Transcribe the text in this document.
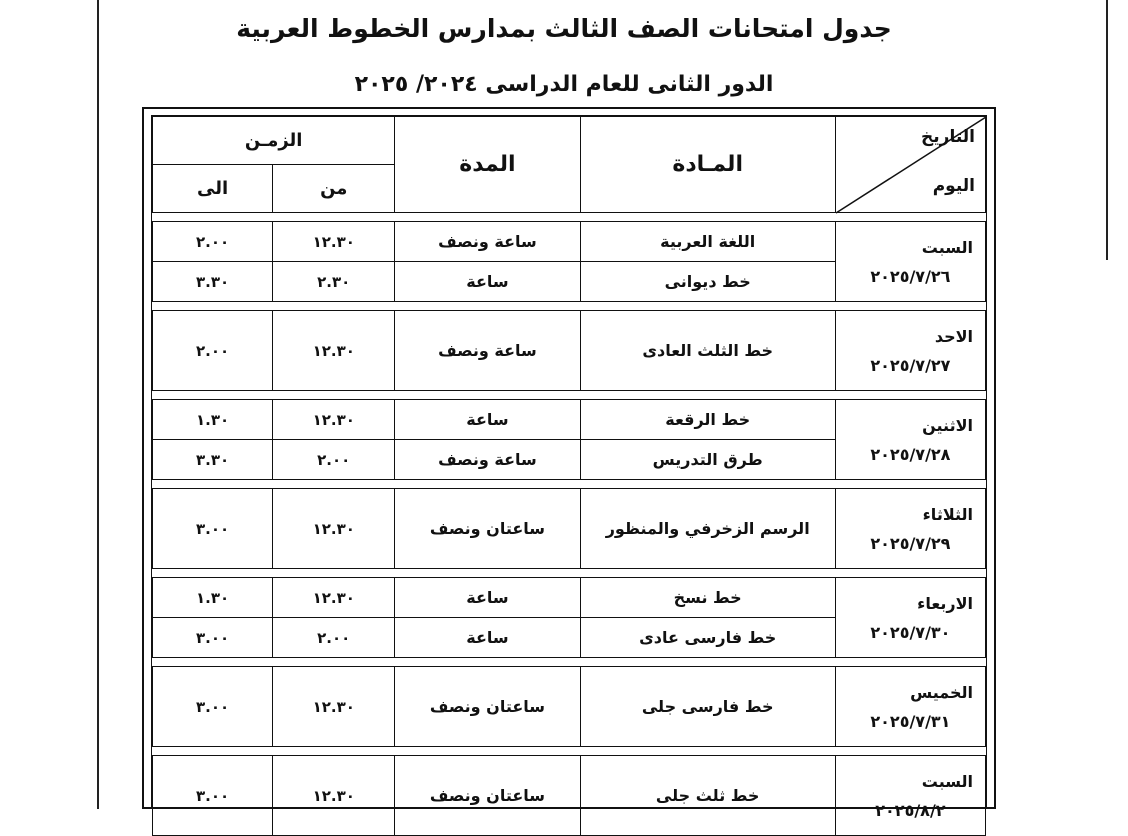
جدول امتحانات الصف الثالث بمدارس الخطوط العربية
الدور الثانى للعام الدراسى ٢٠٢٤/ ٢٠٢٥
التاريخ
اليوم	المـادة	المدة	الزمـن	
			من	الى

السبت
٢٠٢٥/٧/٢٦	اللغة العربية	ساعة ونصف	١٢.٣٠	٢.٠٠
	خط ديوانى	ساعة	٢.٣٠	٣.٣٠

الاحد
٢٠٢٥/٧/٢٧	خط الثلث العادى	ساعة ونصف	١٢.٣٠	٢.٠٠

الاثنين
٢٠٢٥/٧/٢٨	خط الرقعة	ساعة	١٢.٣٠	١.٣٠
	طرق التدريس	ساعة ونصف	٢.٠٠	٣.٣٠

الثلاثاء
٢٠٢٥/٧/٢٩	الرسم الزخرفي والمنظور	ساعتان ونصف	١٢.٣٠	٣.٠٠

الاربعاء
٢٠٢٥/٧/٣٠	خط نسخ	ساعة	١٢.٣٠	١.٣٠
	خط فارسى عادى	ساعة	٢.٠٠	٣.٠٠

الخميس
٢٠٢٥/٧/٣١	خط فارسى جلى	ساعتان ونصف	١٢.٣٠	٣.٠٠

السبت
٢٠٢٥/٨/٢	خط ثلث جلى	ساعتان ونصف	١٢.٣٠	٣.٠٠
